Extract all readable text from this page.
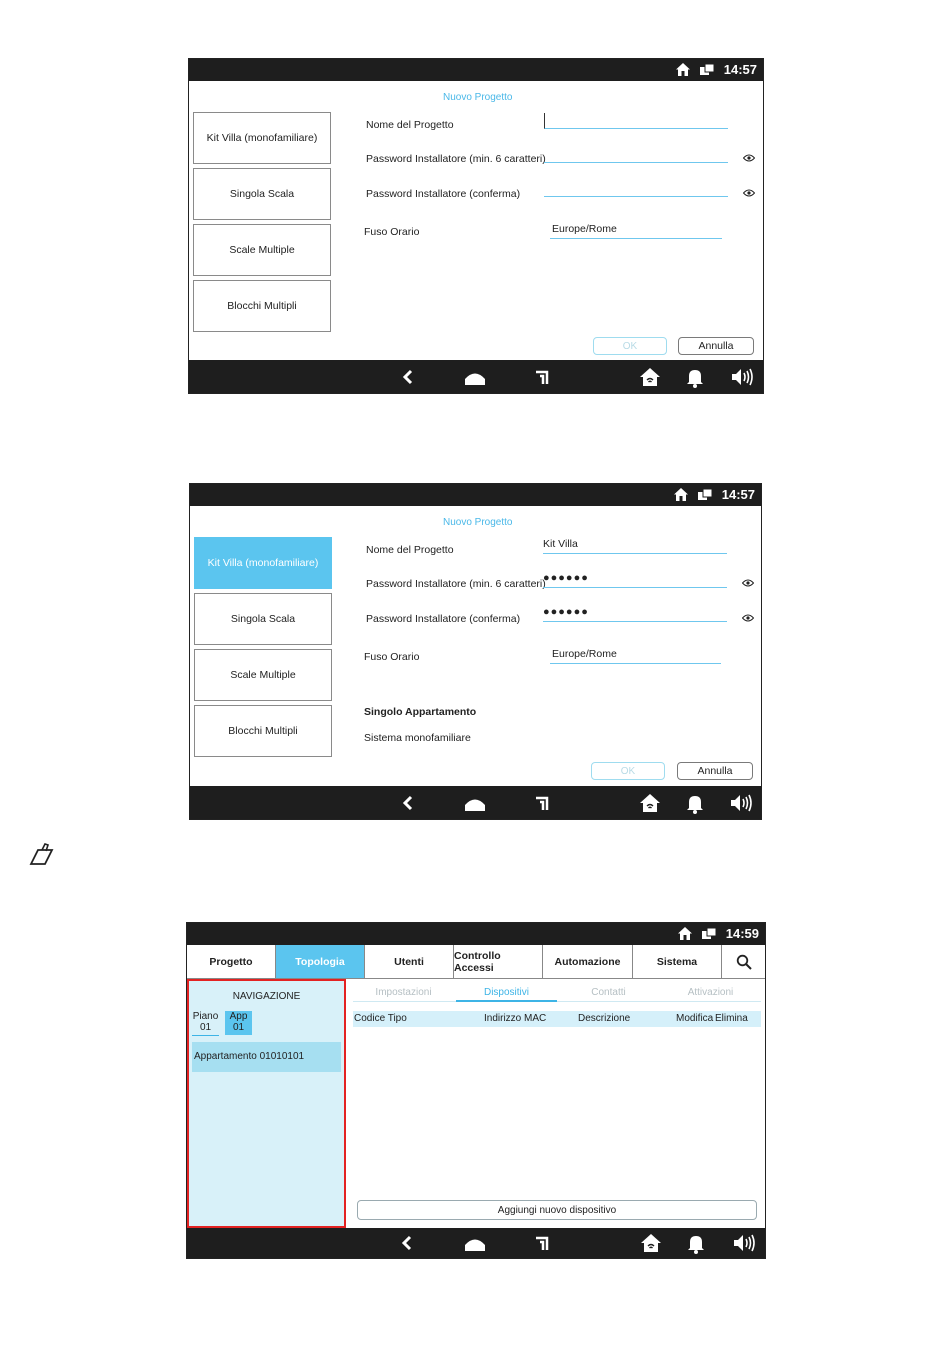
14:57
Kit Villa (monofamiliare)
Singola Scala
Scale Multiple
Blocchi Multipli
Nuovo Progetto
Nome del Progetto
Password Installatore (min. 6 caratteri)
Password Installatore (conferma)
Fuso Orario	Europe/Rome
OK	Annulla
14:57
Kit Villa (monofamiliare)
Singola Scala
Scale Multiple
Blocchi Multipli
Nuovo Progetto
Nome del Progetto	Kit Villa
Password Installatore (min. 6 caratteri)
●●●●●●
Password Installatore (conferma)
●●●●●●
Fuso Orario	Europe/Rome
Singolo Appartamento
Sistema monofamiliare
OK	Annulla
14:59
Progetto	Topologia	Utenti	Controllo Accessi	Automazione	Sistema
NAVIGAZIONE
Piano
01
App
01
Appartamento 01010101
Impostazioni	Dispositivi	Contatti	Attivazioni
Codice Tipo	Indirizzo MAC	Descrizione	Modifica Elimina
Aggiungi nuovo dispositivo
